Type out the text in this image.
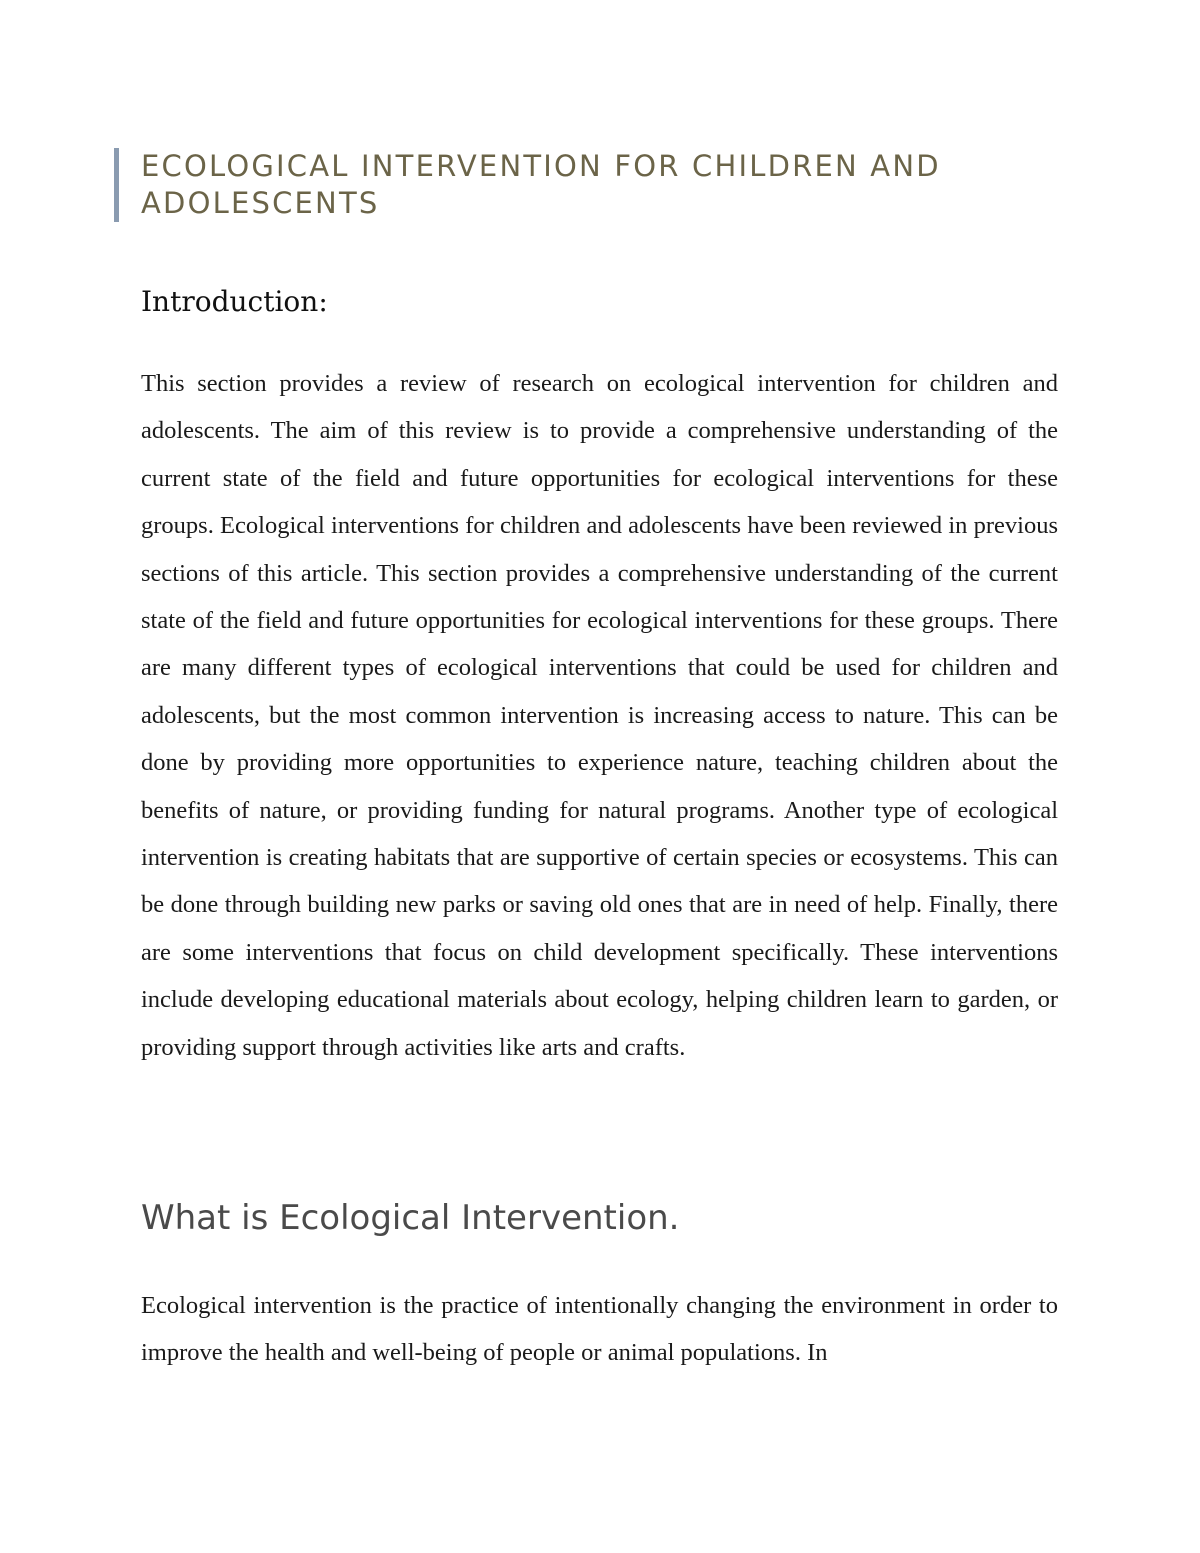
ECOLOGICAL INTERVENTION FOR CHILDREN AND ADOLESCENTS
Introduction:

This section provides a review of research on ecological intervention for children and adolescents. The aim of this review is to provide a comprehensive understanding of the current state of the field and future opportunities for ecological interventions for these groups. Ecological interventions for children and adolescents have been reviewed in previous sections of this article. This section provides a comprehensive understanding of the current state of the field and future opportunities for ecological interventions for these groups. There are many different types of ecological interventions that could be used for children and adolescents, but the most common intervention is increasing access to nature. This can be done by providing more opportunities to experience nature, teaching children about the benefits of nature, or providing funding for natural programs. Another type of ecological intervention is creating habitats that are supportive of certain species or ecosystems. This can be done through building new parks or saving old ones that are in need of help. Finally, there are some interventions that focus on child development specifically. These interventions include developing educational materials about ecology, helping children learn to garden, or providing support through activities like arts and crafts.

What is Ecological Intervention.

Ecological intervention is the practice of intentionally changing the environment in order to improve the health and well-being of people or animal populations. In
